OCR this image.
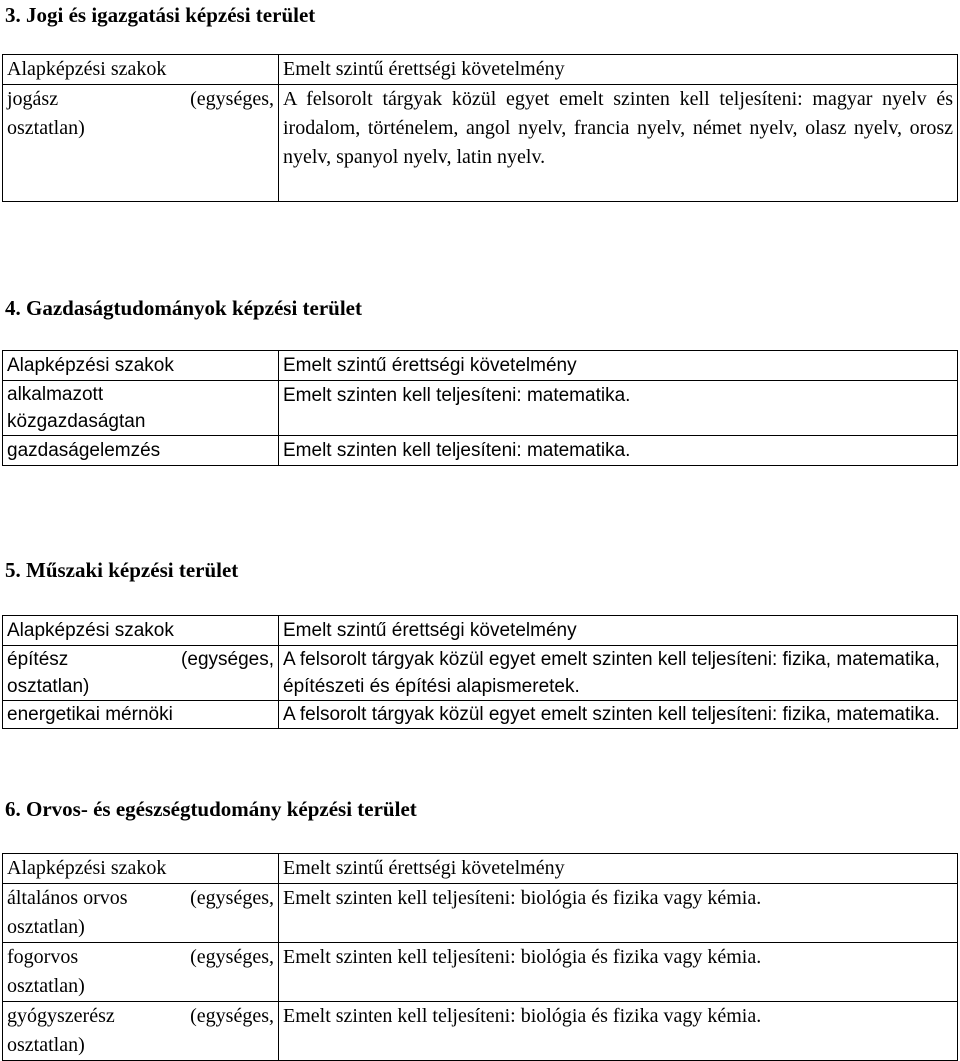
3. Jogi és igazgatási képzési terület
Alapképzési szakok	Emelt szintű érettségi követelmény

jogász (egységes,
osztatlan)	A felsorolt tárgyak közül egyet emelt szinten kell teljesíteni: magyar nyelv és irodalom, történelem, angol nyelv, francia nyelv, német nyelv, olasz nyelv, orosz nyelv, spanyol nyelv, latin nyelv.
4. Gazdaságtudományok képzési terület
Alapképzési szakok	Emelt szintű érettségi követelmény

alkalmazott
közgazdaságtan	Emelt szinten kell teljesíteni: matematika.
gazdaságelemzés	Emelt szinten kell teljesíteni: matematika.
5. Műszaki képzési terület
Alapképzési szakok	Emelt szintű érettségi követelmény

építész (egységes,
osztatlan)	A felsorolt tárgyak közül egyet emelt szinten kell teljesíteni: fizika, matematika, építészeti és építési alapismeretek.
energetikai mérnöki	A felsorolt tárgyak közül egyet emelt szinten kell teljesíteni: fizika, matematika.
6. Orvos- és egészségtudomány képzési terület
Alapképzési szakok	Emelt szintű érettségi követelmény

általános orvos (egységes,
osztatlan)	Emelt szinten kell teljesíteni: biológia és fizika vagy kémia.

fogorvos (egységes,
osztatlan)	Emelt szinten kell teljesíteni: biológia és fizika vagy kémia.

gyógyszerész (egységes,
osztatlan)	Emelt szinten kell teljesíteni: biológia és fizika vagy kémia.
